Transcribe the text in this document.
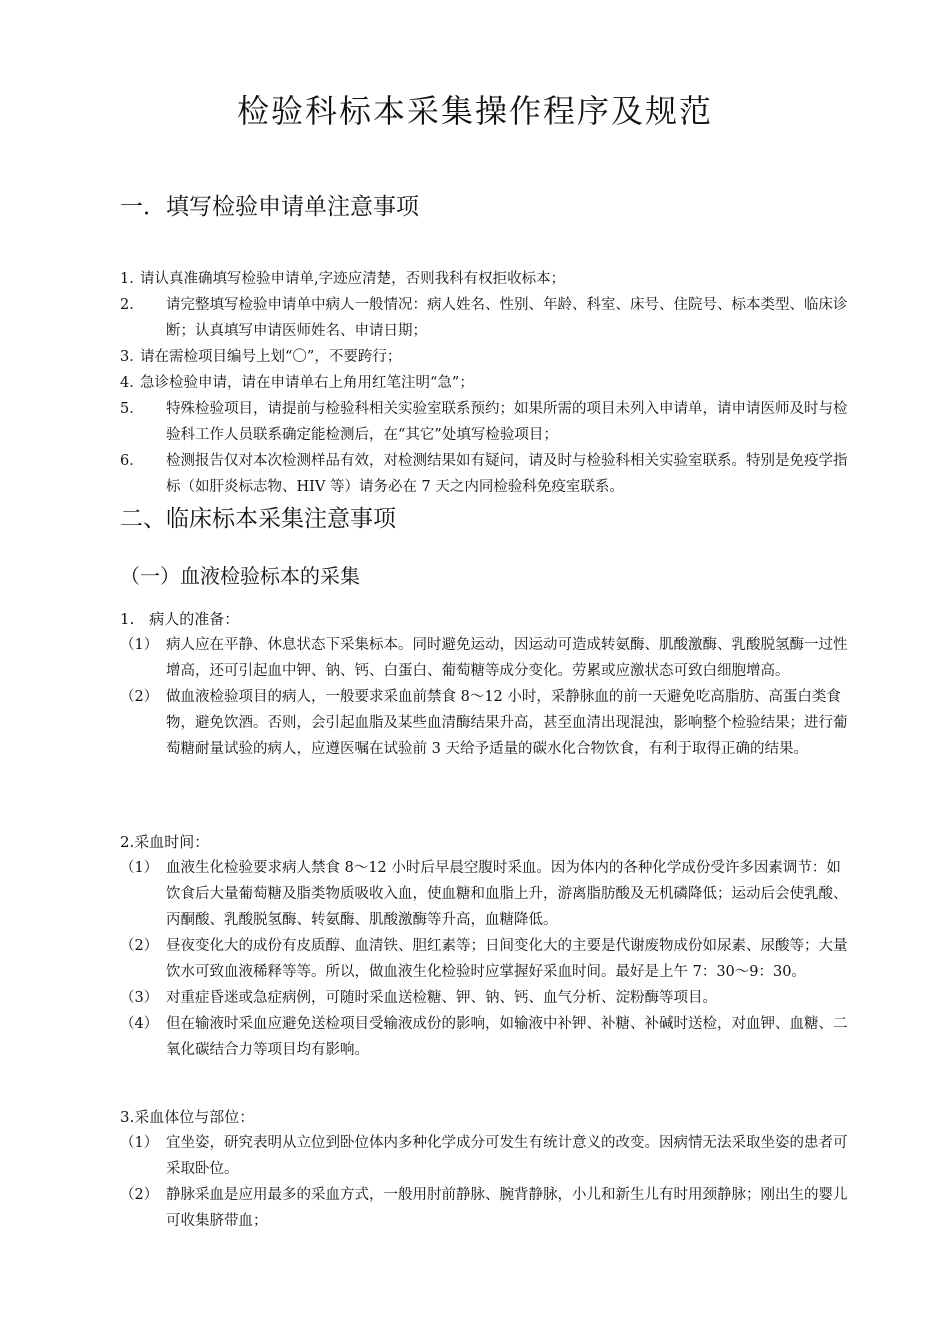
检验科标本采集操作程序及规范
一．填写检验申请单注意事项
1．
请认真准确填写检验申请单,字迹应清楚，否则我科有权拒收标本；
2． 请完整填写检验申请单中病人一般情况：病人姓名、性别、年龄、科室、床号、住院号、标本类型、临床诊断；认真填写申请医师姓名、申请日期；
3．
请在需检项目编号上划“〇”，不要跨行；
4．
急诊检验申请，请在申请单右上角用红笔注明“急”；
5． 特殊检验项目，请提前与检验科相关实验室联系预约；如果所需的项目未列入申请单，请申请医师及时与检验科工作人员联系确定能检测后，在“其它”处填写检验项目；
6． 检测报告仅对本次检测样品有效，对检测结果如有疑问，请及时与检验科相关实验室联系。特别是免疫学指标（如肝炎标志物、HIV 等）请务必在 7 天之内同检验科免疫室联系。
二、临床标本采集注意事项
（一）血液检验标本的采集
1.　病人的准备：
（1） 病人应在平静、休息状态下采集标本。同时避免运动，因运动可造成转氨酶、肌酸激酶、乳酸脱氢酶一过性增高，还可引起血中钾、钠、钙、白蛋白、葡萄糖等成分变化。劳累或应激状态可致白细胞增高。
（2） 做血液检验项目的病人，一般要求采血前禁食 8～12 小时，采静脉血的前一天避免吃高脂肪、高蛋白类食物，避免饮酒。否则，会引起血脂及某些血清酶结果升高，甚至血清出现混浊，影响整个检验结果；进行葡萄糖耐量试验的病人，应遵医嘱在试验前 3 天给予适量的碳水化合物饮食，有利于取得正确的结果。
2.采血时间：
（1） 血液生化检验要求病人禁食 8～12 小时后早晨空腹时采血。因为体内的各种化学成份受许多因素调节：如饮食后大量葡萄糖及脂类物质吸收入血，使血糖和血脂上升，游离脂肪酸及无机磷降低；运动后会使乳酸、丙酮酸、乳酸脱氢酶、转氨酶、肌酸激酶等升高，血糖降低。
（2） 昼夜变化大的成份有皮质醇、血清铁、胆红素等；日间变化大的主要是代谢废物成份如尿素、尿酸等；大量饮水可致血液稀释等等。所以，做血液生化检验时应掌握好采血时间。最好是上午 7：30～9：30。
（3） 对重症昏迷或急症病例，可随时采血送检糖、钾、钠、钙、血气分析、淀粉酶等项目。
（4） 但在输液时采血应避免送检项目受输液成份的影响，如输液中补钾、补糖、补碱时送检，对血钾、血糖、二氧化碳结合力等项目均有影响。
3.采血体位与部位：
（1） 宜坐姿，研究表明从立位到卧位体内多种化学成分可发生有统计意义的改变。因病情无法采取坐姿的患者可采取卧位。
（2） 静脉采血是应用最多的采血方式，一般用肘前静脉、腕背静脉，小儿和新生儿有时用颈静脉；刚出生的婴儿可收集脐带血；
